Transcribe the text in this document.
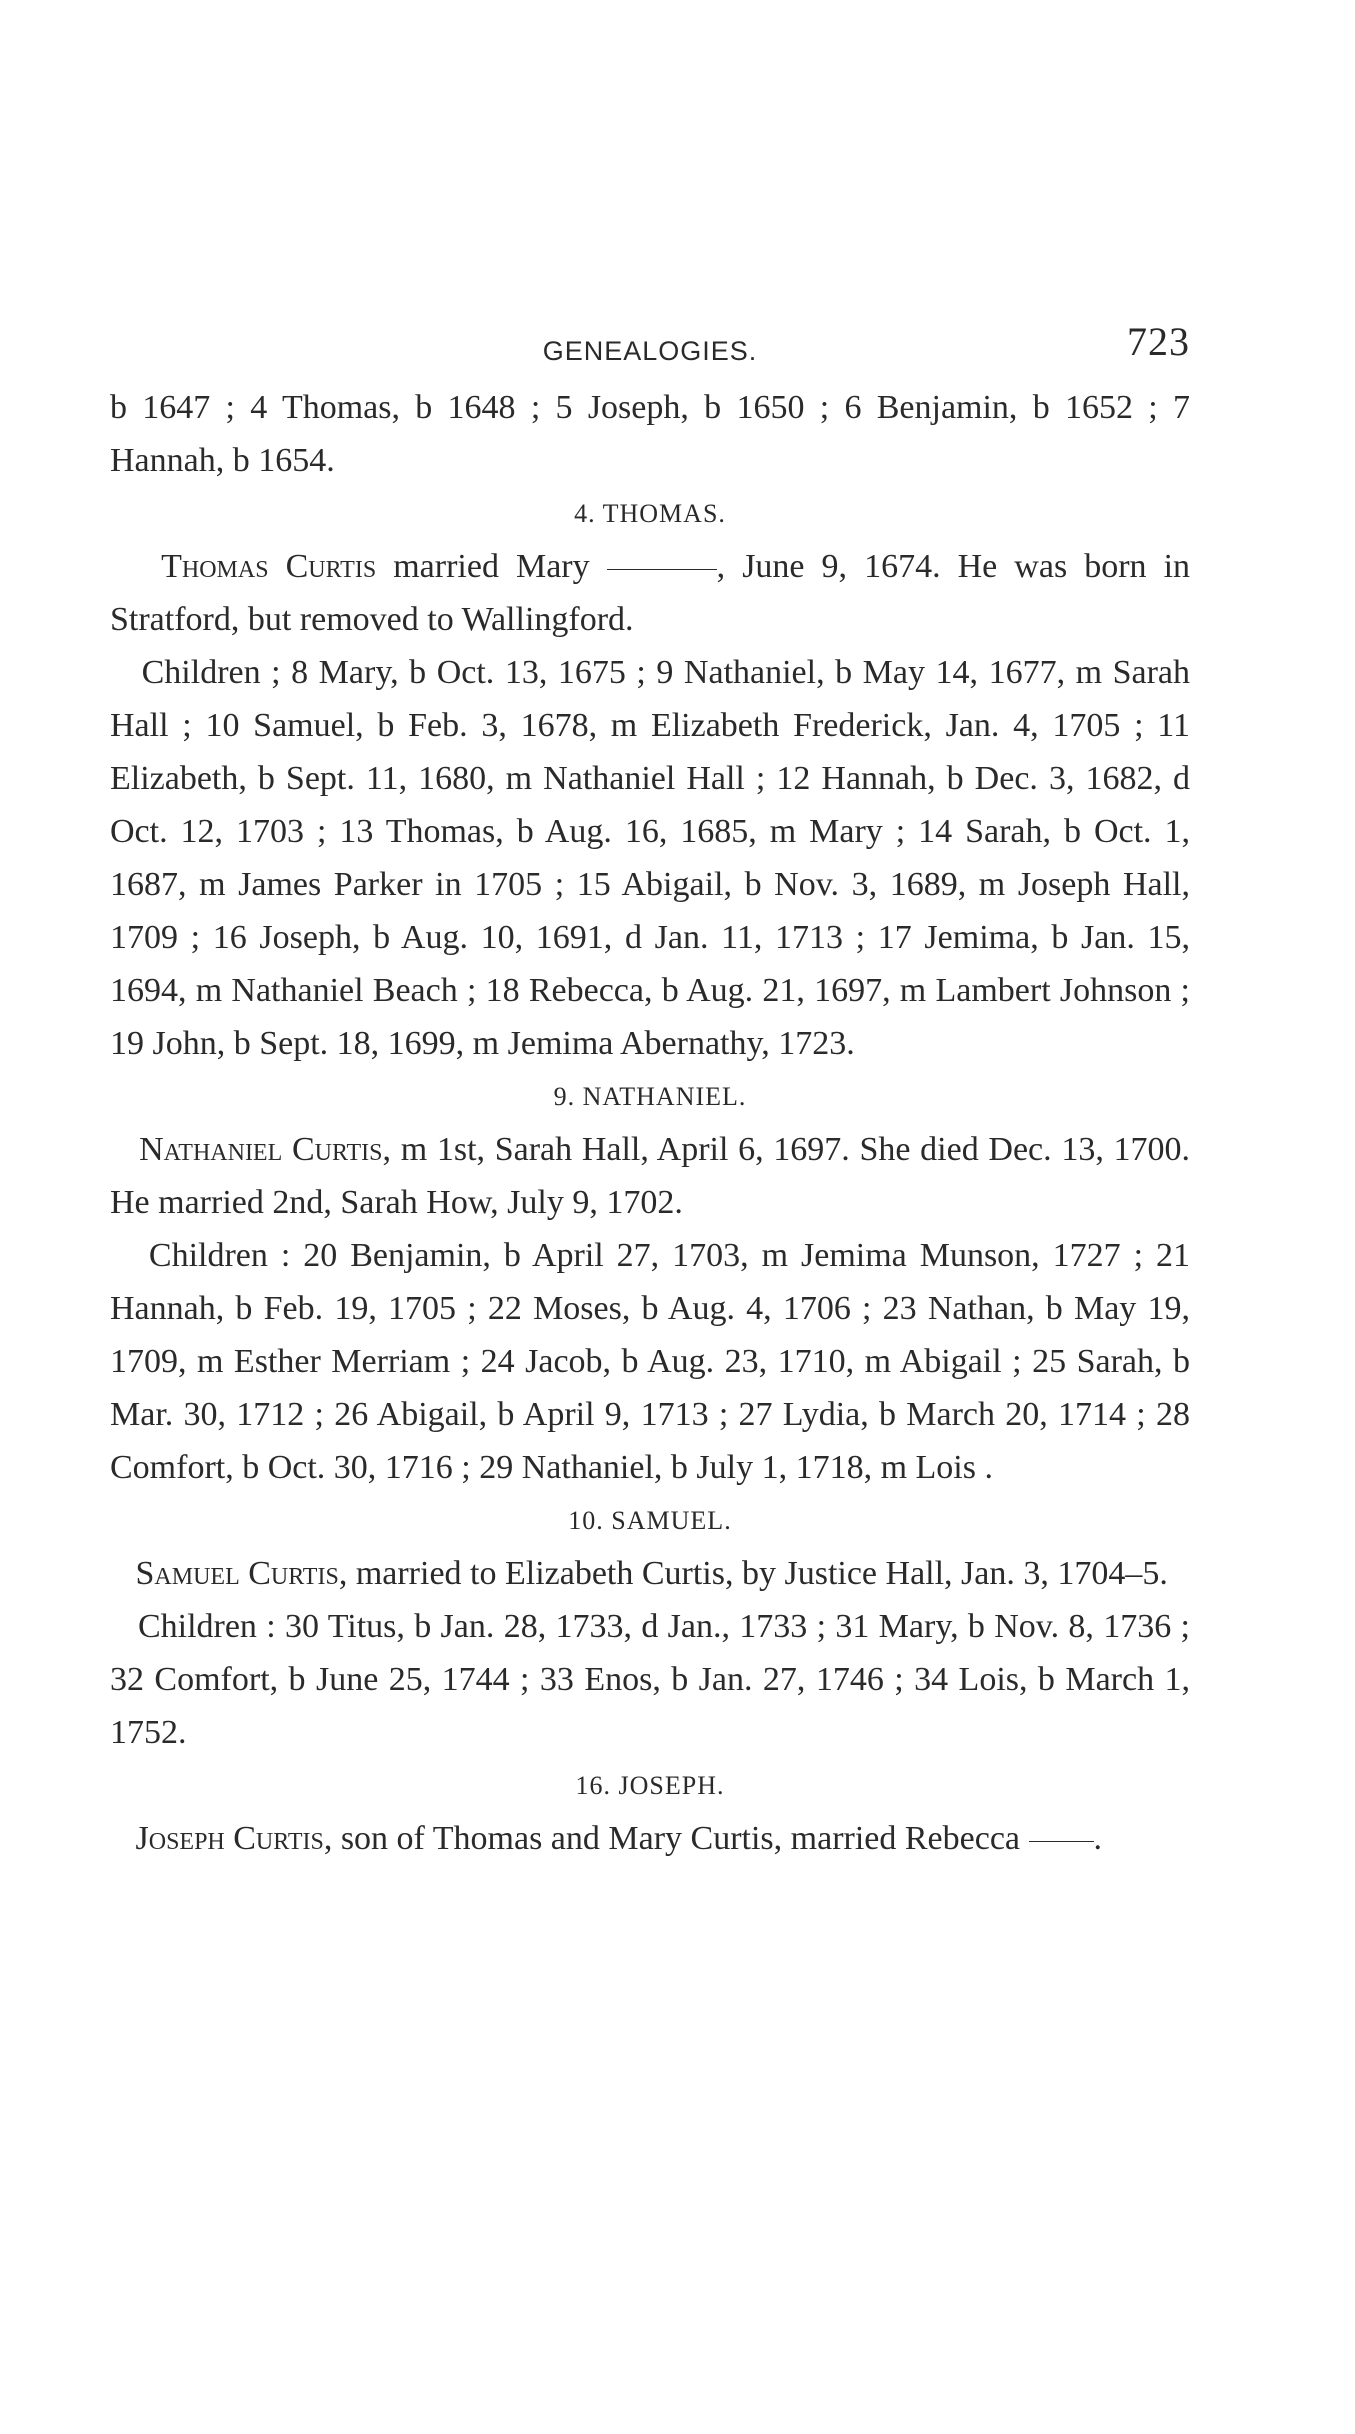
GENEALOGIES.	723

b 1647 ; 4 Thomas, b 1648 ; 5 Joseph, b 1650 ; 6 Benjamin, b 1652 ; 7 Hannah, b 1654.

4. THOMAS.

Thomas Curtis married Mary	, June 9, 1674. He was born in Stratford, but removed to Wallingford.

Children ; 8 Mary, b Oct. 13, 1675 ; 9 Nathaniel, b May 14, 1677, m Sarah Hall ; 10 Samuel, b Feb. 3, 1678, m Elizabeth Frederick, Jan. 4, 1705 ; 11 Elizabeth, b Sept. 11, 1680, m Nathaniel Hall ; 12 Hannah, b Dec. 3, 1682, d Oct. 12, 1703 ; 13 Thomas, b Aug. 16, 1685, m Mary ; 14 Sarah, b Oct. 1, 1687, m James Parker in 1705 ; 15 Abigail, b Nov. 3, 1689, m Joseph Hall, 1709 ; 16 Joseph, b Aug. 10, 1691, d Jan. 11, 1713 ; 17 Jemima, b Jan. 15, 1694, m Nathaniel Beach ; 18 Rebecca, b Aug. 21, 1697, m Lambert Johnson ; 19 John, b Sept. 18, 1699, m Jemima Abernathy, 1723.

9. NATHANIEL.

Nathaniel Curtis, m 1st, Sarah Hall, April 6, 1697. She died Dec. 13, 1700. He married 2nd, Sarah How, July 9, 1702.

Children : 20 Benjamin, b April 27, 1703, m Jemima Munson, 1727 ; 21 Hannah, b Feb. 19, 1705 ; 22 Moses, b Aug. 4, 1706 ; 23 Nathan, b May 19, 1709, m Esther Merriam ; 24 Jacob, b Aug. 23, 1710, m Abigail ; 25 Sarah, b Mar. 30, 1712 ; 26 Abigail, b April 9, 1713 ; 27 Lydia, b March 20, 1714 ; 28 Comfort, b Oct. 30, 1716 ; 29 Nathaniel, b July 1, 1718, m Lois .

10. SAMUEL.

Samuel Curtis, married to Elizabeth Curtis, by Justice Hall, Jan. 3, 1704–5.

Children : 30 Titus, b Jan. 28, 1733, d Jan., 1733 ; 31 Mary, b Nov. 8, 1736 ; 32 Comfort, b June 25, 1744 ; 33 Enos, b Jan. 27, 1746 ; 34 Lois, b March 1, 1752.

16. JOSEPH.

Joseph Curtis, son of Thomas and Mary Curtis, married Rebecca .
